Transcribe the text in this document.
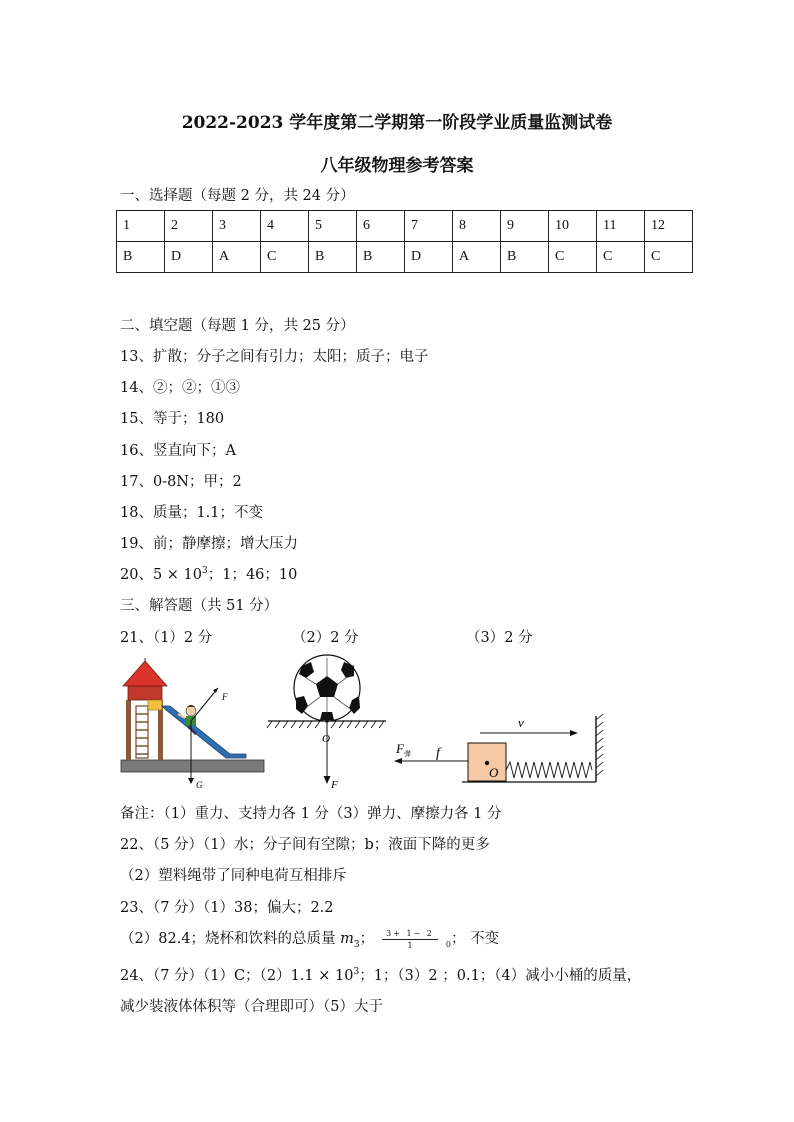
2022-2023 学年度第二学期第一阶段学业质量监测试卷
八年级物理参考答案
一、选择题（每题 2 分，共 24 分）
1	2	3	4	5	6	7	8	9	10	11	12
B	D	A	C	B	B	D	A	B	C	C	C
二、填空题（每题 1 分，共 25 分）
13、扩散；分子之间有引力；太阳；质子；电子
14、②；②；①③
15、等于；180
16、竖直向下；A
17、0-8N；甲；2
18、质量；1.1；不变
19、前；静摩擦；增大压力
20、$5 \times 10^3$；1；46；10
三、解答题（共 51 分）
21、（1）2 分	（2）2 分	（3）2 分
F
G
O
F
v
$F_弹$ f
O
备注：（1）重力、支持力各 1 分（3）弹力、摩擦力各 1 分
22、（5 分）（1）水；分子间有空隙；b；液面下降的更多
（2）塑料绳带了同种电荷互相排斥
23、（7 分）（1）38；偏大；2.2
（2）82.4；烧杯和饮料的总质量 $m_3$； $\frac{3+ 1- 2}{1} _0$； 不变
24、（7 分）（1）C；$(2)1.1 \times 10^3$；1；（3）2 ；0.1；（4）减小小桶的质量，
减少装液体体积等（合理即可）（5）大于
